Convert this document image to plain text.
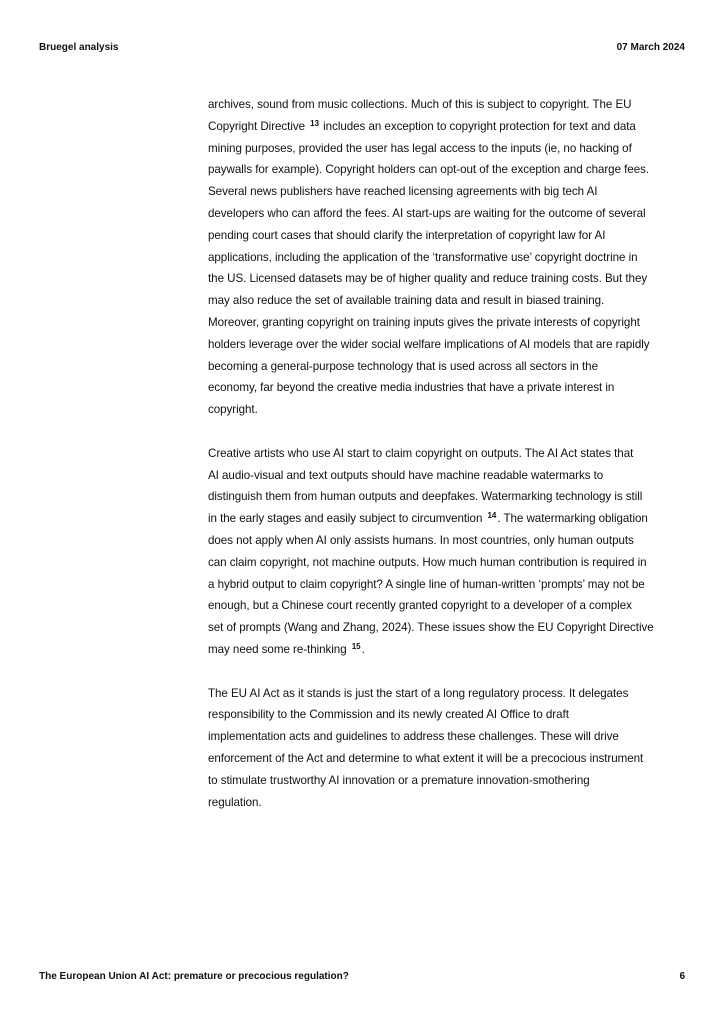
Bruegel analysis	07 March 2024

archives, sound from music collections. Much of this is subject to copyright. The EU
Copyright Directive $^{13}$ includes an exception to copyright protection for text and data
mining purposes, provided the user has legal access to the inputs (ie, no hacking of
paywalls for example). Copyright holders can opt-out of the exception and charge fees.
Several news publishers have reached licensing agreements with big tech AI
developers who can afford the fees. AI start-ups are waiting for the outcome of several
pending court cases that should clarify the interpretation of copyright law for AI
applications, including the application of the ‘transformative use’ copyright doctrine in
the US. Licensed datasets may be of higher quality and reduce training costs. But they
may also reduce the set of available training data and result in biased training.
Moreover, granting copyright on training inputs gives the private interests of copyright
holders leverage over the wider social welfare implications of AI models that are rapidly
becoming a general-purpose technology that is used across all sectors in the
economy, far beyond the creative media industries that have a private interest in
copyright.

Creative artists who use AI start to claim copyright on outputs. The AI Act states that
AI audio-visual and text outputs should have machine readable watermarks to
distinguish them from human outputs and deepfakes. Watermarking technology is still
in the early stages and easily subject to circumvention $^{14}$. The watermarking obligation
does not apply when AI only assists humans. In most countries, only human outputs
can claim copyright, not machine outputs. How much human contribution is required in
a hybrid output to claim copyright? A single line of human-written ‘prompts’ may not be
enough, but a Chinese court recently granted copyright to a developer of a complex
set of prompts (Wang and Zhang, 2024). These issues show the EU Copyright Directive
may need some re-thinking $^{15}$.

The EU AI Act as it stands is just the start of a long regulatory process. It delegates
responsibility to the Commission and its newly created AI Office to draft
implementation acts and guidelines to address these challenges. These will drive
enforcement of the Act and determine to what extent it will be a precocious instrument
to stimulate trustworthy AI innovation or a premature innovation-smothering
regulation.

The European Union AI Act: premature or precocious regulation?	6
